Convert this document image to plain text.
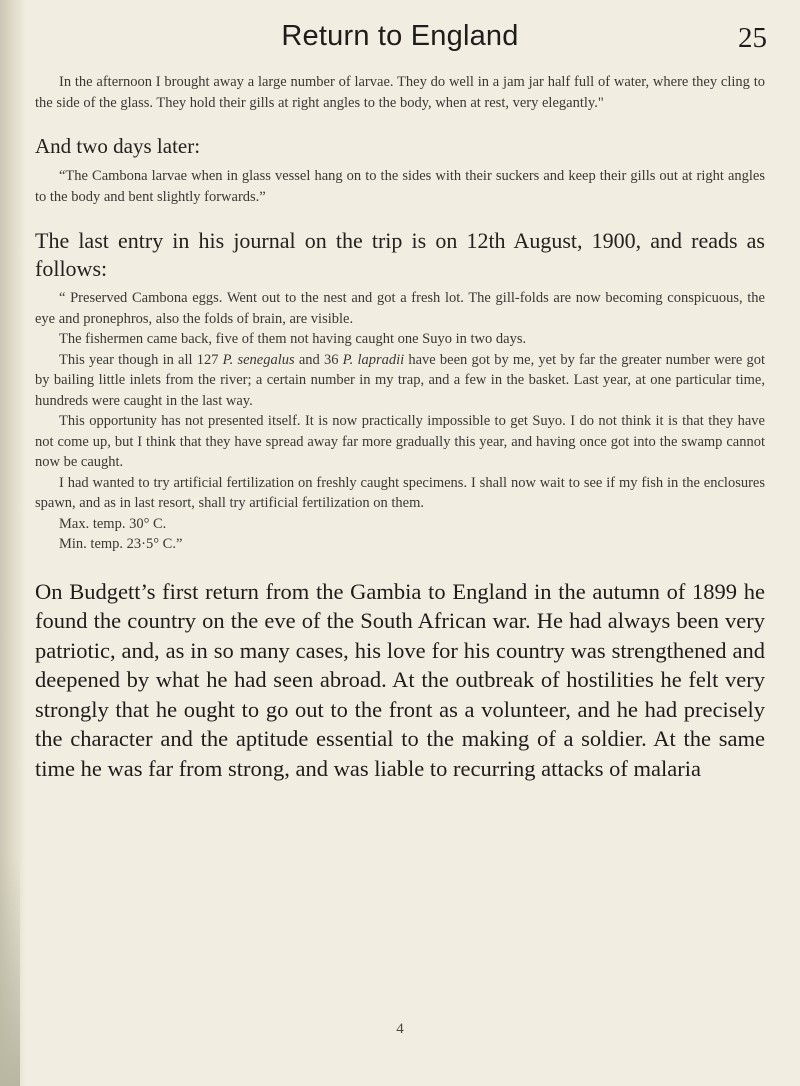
Return to England	25

In the afternoon I brought away a large number of larvae. They do well in a jam jar half full of water, where they cling to the side of the glass. They hold their gills at right angles to the body, when at rest, very elegantly."

And two days later:

“The Cambona larvae when in glass vessel hang on to the sides with their suckers and keep their gills out at right angles to the body and bent slightly forwards.”

The last entry in his journal on the trip is on 12th August, 1900, and reads as follows:

“ Preserved Cambona eggs. Went out to the nest and got a fresh lot. The gill-folds are now becoming conspicuous, the eye and pronephros, also the folds of brain, are visible.

The fishermen came back, five of them not having caught one Suyo in two days.

This year though in all 127 P. senegalus and 36 P. lapradii have been got by me, yet by far the greater number were got by bailing little inlets from the river; a certain number in my trap, and a few in the basket. Last year, at one particular time, hundreds were caught in the last way.

This opportunity has not presented itself. It is now practically impossible to get Suyo. I do not think it is that they have not come up, but I think that they have spread away far more gradually this year, and having once got into the swamp cannot now be caught.

I had wanted to try artificial fertilization on freshly caught specimens. I shall now wait to see if my fish in the enclosures spawn, and as in last resort, shall try artificial fertilization on them.

Max. temp. 30° C.

Min. temp. 23·5° C.”

On Budgett’s first return from the Gambia to England in the autumn of 1899 he found the country on the eve of the South African war. He had always been very patriotic, and, as in so many cases, his love for his country was strengthened and deepened by what he had seen abroad. At the outbreak of hostilities he felt very strongly that he ought to go out to the front as a volunteer, and he had precisely the character and the aptitude essential to the making of a soldier. At the same time he was far from strong, and was liable to recurring attacks of malaria

4
